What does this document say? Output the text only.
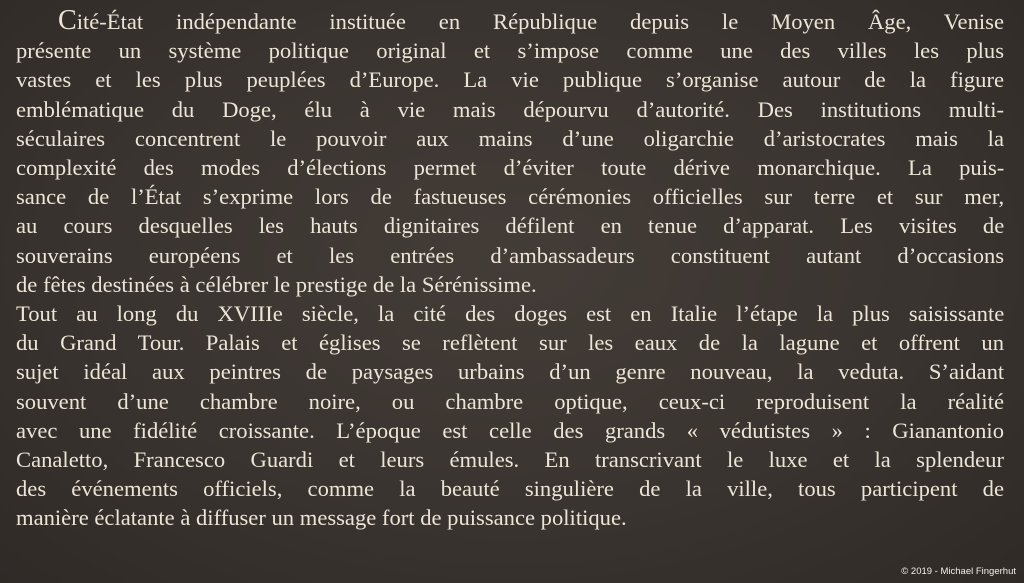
Cité-État indépendante instituée en République depuis le Moyen Âge, Venise
présente un système politique original et s’impose comme une des villes les plus
vastes et les plus peuplées d’Europe. La vie publique s’organise autour de la figure
emblématique du Doge, élu à vie mais dépourvu d’autorité. Des institutions multi-
séculaires concentrent le pouvoir aux mains d’une oligarchie d’aristocrates mais la
complexité des modes d’élections permet d’éviter toute dérive monarchique. La puis-
sance de l’État s’exprime lors de fastueuses cérémonies officielles sur terre et sur mer,
au cours desquelles les hauts dignitaires défilent en tenue d’apparat. Les visites de
souverains européens et les entrées d’ambassadeurs constituent autant d’occasions
de fêtes destinées à célébrer le prestige de la Sérénissime.
Tout au long du XVIIIe siècle, la cité des doges est en Italie l’étape la plus saisissante
du Grand Tour. Palais et églises se reflètent sur les eaux de la lagune et offrent un
sujet idéal aux peintres de paysages urbains d’un genre nouveau, la veduta. S’aidant
souvent d’une chambre noire, ou chambre optique, ceux-ci reproduisent la réalité
avec une fidélité croissante. L’époque est celle des grands « védutistes » : Gianantonio
Canaletto, Francesco Guardi et leurs émules. En transcrivant le luxe et la splendeur
des événements officiels, comme la beauté singulière de la ville, tous participent de
manière éclatante à diffuser un message fort de puissance politique.
© 2019 - Michael Fingerhut
